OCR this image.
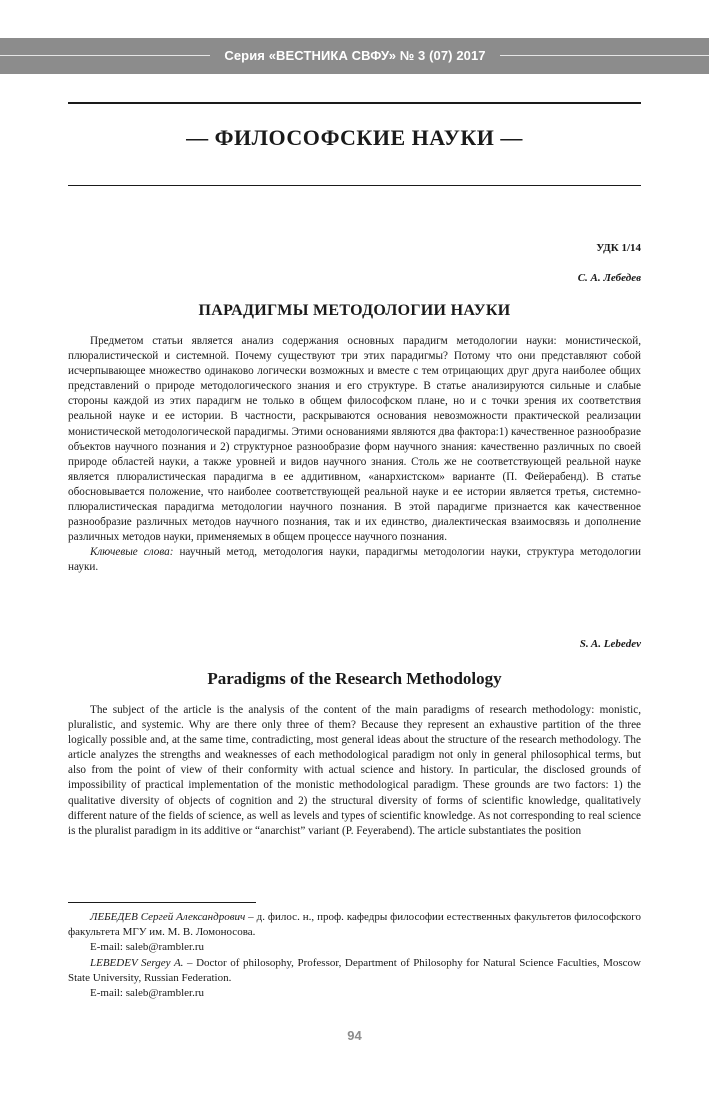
Серия «ВЕСТНИКА СВФУ» № 3 (07) 2017
— ФИЛОСОФСКИЕ НАУКИ —
УДК 1/14
С. А. Лебедев
ПАРАДИГМЫ МЕТОДОЛОГИИ НАУКИ

Предметом статьи является анализ содержания основных парадигм методологии науки: монистической, плюралистической и системной. Почему существуют три этих парадигмы? Потому что они представляют собой исчерпывающее множество одинаково логически возможных и вместе с тем отрицающих друг друга наиболее общих представлений о природе методологического знания и его структуре. В статье анализируются сильные и слабые стороны каждой из этих парадигм не только в общем философском плане, но и с точки зрения их соответствия реальной науке и ее истории. В частности, раскрываются основания невозможности практической реализации монистической методологической парадигмы. Этими основаниями являются два фактора:1) качественное разнообразие объектов научного познания и 2) структурное разнообразие форм научного знания: качественно различных по своей природе областей науки, а также уровней и видов научного знания. Столь же не соответствующей реальной науке является плюралистическая парадигма в ее аддитивном, «анархистском» варианте (П. Фейерабенд). В статье обосновывается положение, что наиболее соответствующей реальной науке и ее истории является третья, системно-плюралистическая парадигма методологии научного познания. В этой парадигме признается как качественное разнообразие различных методов научного познания, так и их единство, диалектическая взаимосвязь и дополнение различных методов науки, применяемых в общем процессе научного познания.

Ключевые слова: научный метод, методология науки, парадигмы методологии науки, структура методологии науки.

S. A. Lebedev
Paradigms of the Research Methodology

The subject of the article is the analysis of the content of the main paradigms of research methodology: monistic, pluralistic, and systemic. Why are there only three of them? Because they represent an exhaustive partition of the three logically possible and, at the same time, contradicting, most general ideas about the structure of the research methodology. The article analyzes the strengths and weaknesses of each methodological paradigm not only in general philosophical terms, but also from the point of view of their conformity with actual science and history. In particular, the disclosed grounds of impossibility of practical implementation of the monistic methodological paradigm. These grounds are two factors: 1) the qualitative diversity of objects of cognition and 2) the structural diversity of forms of scientific knowledge, qualitatively different nature of the fields of science, as well as levels and types of scientific knowledge. As not corresponding to real science is the pluralist paradigm in its additive or “anarchist” variant (P. Feyerabend). The article substantiates the position

ЛЕБЕДЕВ Сергей Александрович – д. филос. н., проф. кафедры философии естественных факультетов философского факультета МГУ им. М. В. Ломоносова.

E-mail: saleb@rambler.ru

LEBEDEV Sergey A. – Doctor of philosophy, Professor, Department of Philosophy for Natural Science Faculties, Moscow State University, Russian Federation.

E-mail: saleb@rambler.ru

94
